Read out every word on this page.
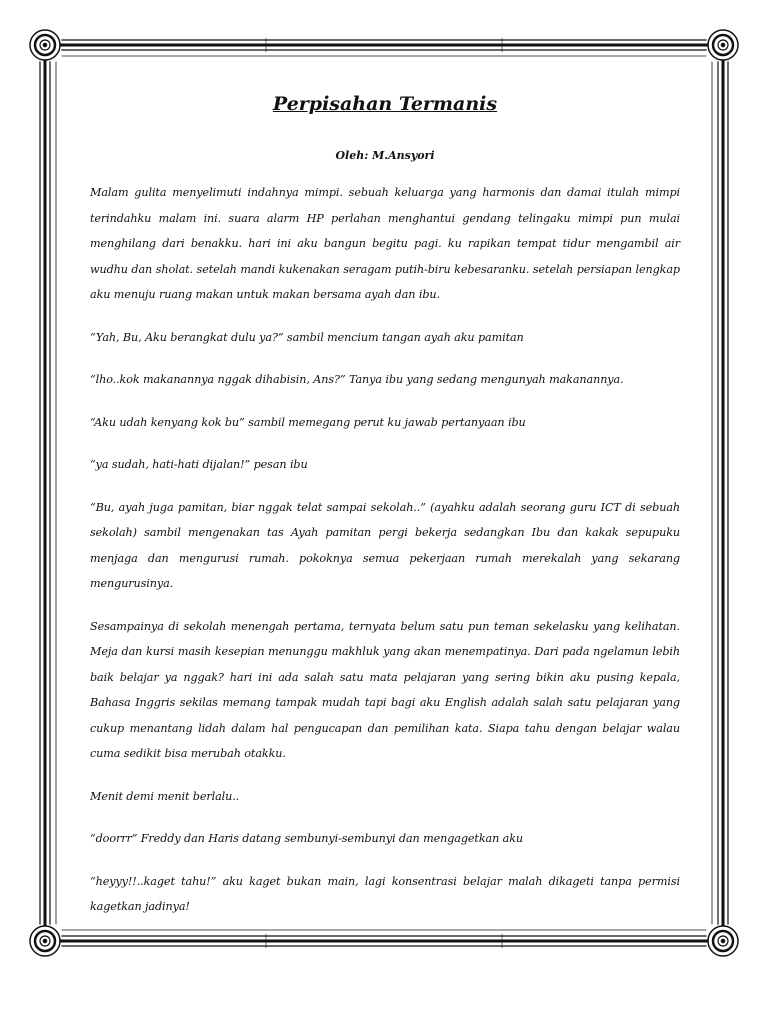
Perpisahan Termanis
Oleh: M.Ansyori

Malam gulita menyelimuti indahnya mimpi. sebuah keluarga yang harmonis dan damai itulah mimpi terindahku malam ini. suara alarm HP perlahan menghantui gendang telingaku mimpi pun mulai menghilang dari benakku. hari ini aku bangun begitu pagi. ku rapikan tempat tidur mengambil air wudhu dan sholat. setelah mandi kukenakan seragam putih-biru kebesaranku. setelah persiapan lengkap aku menuju ruang makan untuk makan bersama ayah dan ibu.

“Yah, Bu, Aku berangkat dulu ya?” sambil mencium tangan ayah aku pamitan

“lho..kok makanannya nggak dihabisin, Ans?” Tanya ibu yang sedang mengunyah makanannya.

“Aku udah kenyang kok bu” sambil memegang perut ku jawab pertanyaan ibu

“ya sudah, hati-hati dijalan!” pesan ibu

“Bu, ayah juga pamitan, biar nggak telat sampai sekolah..” (ayahku adalah seorang guru ICT di sebuah sekolah) sambil mengenakan tas Ayah pamitan pergi bekerja sedangkan Ibu dan kakak sepupuku menjaga dan mengurusi rumah. pokoknya semua pekerjaan rumah merekalah yang sekarang mengurusinya.

Sesampainya di sekolah menengah pertama, ternyata belum satu pun teman sekelasku yang kelihatan. Meja dan kursi masih kesepian menunggu makhluk yang akan menempatinya. Dari pada ngelamun lebih baik belajar ya nggak? hari ini ada salah satu mata pelajaran yang sering bikin aku pusing kepala, Bahasa Inggris sekilas memang tampak mudah tapi bagi aku English adalah salah satu pelajaran yang cukup menantang lidah dalam hal pengucapan dan pemilihan kata. Siapa tahu dengan belajar walau cuma sedikit bisa merubah otakku.

Menit demi menit berlalu..

“doorrr” Freddy dan Haris datang sembunyi-sembunyi dan mengagetkan aku

“heyyy!!..kaget tahu!” aku kaget bukan main, lagi konsentrasi belajar malah dikageti tanpa permisi kagetkan jadinya!
